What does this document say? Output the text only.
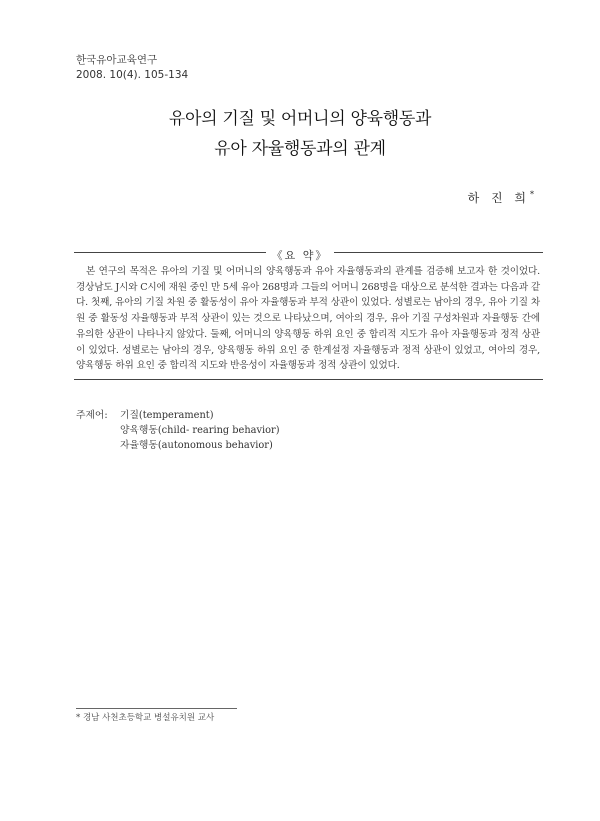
한국유아교육연구
2008. 10(4). 105-134
유아의 기질 및 어머니의 양육행동과
유아 자율행동과의 관계
하 진 희*
《요 약》
본 연구의 목적은 유아의 기질 및 어머니의 양육행동과 유아 자율행동과의 관계를 검증해 보고자 한 것이었다. 경상남도 J시와 C시에 재원 중인 만 5세 유아 268명과 그들의 어머니 268명을 대상으로 분석한 결과는 다음과 같다. 첫째, 유아의 기질 차원 중 활동성이 유아 자율행동과 부적 상관이 있었다. 성별로는 남아의 경우, 유아 기질 차원 중 활동성 자율행동과 부적 상관이 있는 것으로 나타났으며, 여아의 경우, 유아 기질 구성차원과 자율행동 간에 유의한 상관이 나타나지 않았다. 둘째, 어머니의 양육행동 하위 요인 중 합리적 지도가 유아 자율행동과 정적 상관이 있었다. 성별로는 남아의 경우, 양육행동 하위 요인 중 한계설정 자율행동과 정적 상관이 있었고, 여아의 경우, 양육행동 하위 요인 중 합리적 지도와 반응성이 자율행동과 정적 상관이 있었다.
주제어: 기질(temperament)
양육행동(child- rearing behavior)
자율행동(autonomous behavior)
* 경남 사천초등학교 병설유치원 교사
